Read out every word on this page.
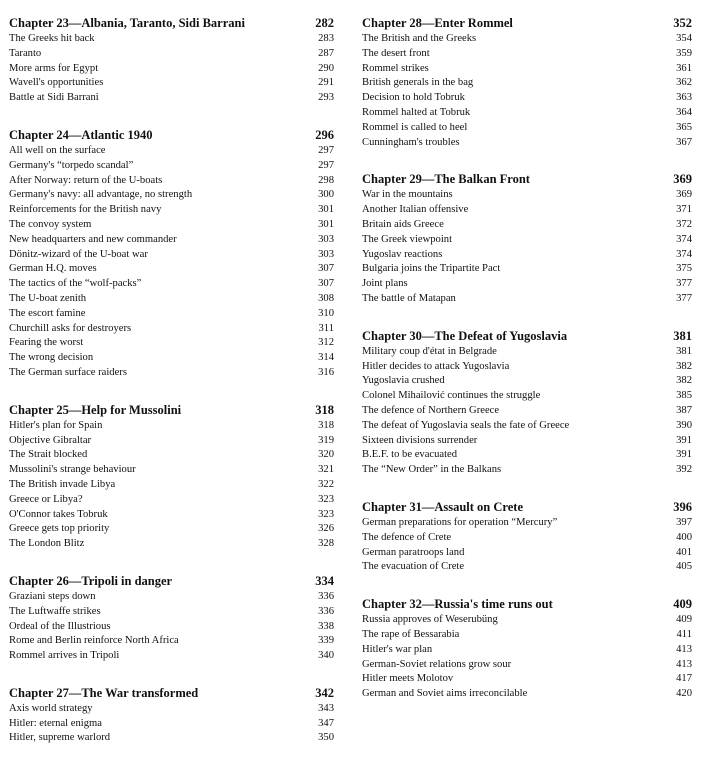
Chapter 23—Albania, Taranto, Sidi Barrani	282
The Greeks hit back	283
Taranto	287
More arms for Egypt	290
Wavell's opportunities	291
Battle at Sidi Barrani	293
Chapter 24—Atlantic 1940	296
All well on the surface	297
Germany's “torpedo scandal”	297
After Norway: return of the U-boats	298
Germany's navy: all advantage, no strength	300
Reinforcements for the British navy	301
The convoy system	301
New headquarters and new commander	303
Dönitz-wizard of the U-boat war	303
German H.Q. moves	307
The tactics of the “wolf-packs”	307
The U-boat zenith	308
The escort famine	310
Churchill asks for destroyers	311
Fearing the worst	312
The wrong decision	314
The German surface raiders	316
Chapter 25—Help for Mussolini	318
Hitler's plan for Spain	318
Objective Gibraltar	319
The Strait blocked	320
Mussolini's strange behaviour	321
The British invade Libya	322
Greece or Libya?	323
O'Connor takes Tobruk	323
Greece gets top priority	326
The London Blitz	328
Chapter 26—Tripoli in danger	334
Graziani steps down	336
The Luftwaffe strikes	336
Ordeal of the Illustrious	338
Rome and Berlin reinforce North Africa	339
Rommel arrives in Tripoli	340
Chapter 27—The War transformed	342
Axis world strategy	343
Hitler: eternal enigma	347
Hitler, supreme warlord	350
Chapter 28—Enter Rommel	352
The British and the Greeks	354
The desert front	359
Rommel strikes	361
British generals in the bag	362
Decision to hold Tobruk	363
Rommel halted at Tobruk	364
Rommel is called to heel	365
Cunningham's troubles	367
Chapter 29—The Balkan Front	369
War in the mountains	369
Another Italian offensive	371
Britain aids Greece	372
The Greek viewpoint	374
Yugoslav reactions	374
Bulgaria joins the Tripartite Pact	375
Joint plans	377
The battle of Matapan	377
Chapter 30—The Defeat of Yugoslavia	381
Military coup d'état in Belgrade	381
Hitler decides to attack Yugoslavia	382
Yugoslavia crushed	382
Colonel Mihailović continues the struggle	385
The defence of Northern Greece	387
The defeat of Yugoslavia seals the fate of Greece	390
Sixteen divisions surrender	391
B.E.F. to be evacuated	391
The “New Order” in the Balkans	392
Chapter 31—Assault on Crete	396
German preparations for operation “Mercury”	397
The defence of Crete	400
German paratroops land	401
The evacuation of Crete	405
Chapter 32—Russia's time runs out	409
Russia approves of Weserubüng	409
The rape of Bessarabia	411
Hitler's war plan	413
German-Soviet relations grow sour	413
Hitler meets Molotov	417
German and Soviet aims irreconcilable	420
